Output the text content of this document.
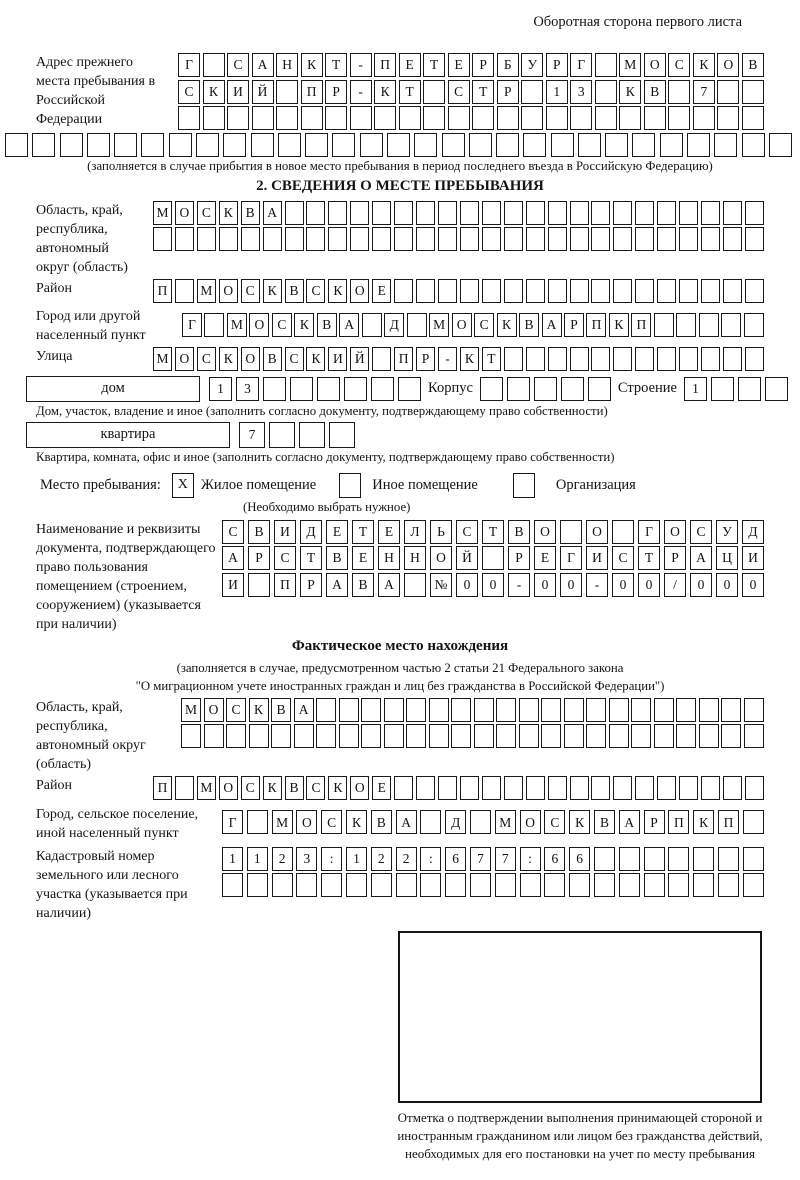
Оборотная сторона первого листа
Адрес прежнего места пребывания в Российской Федерации
Г	С	А	Н	К	Т	-	П	Е	Т	Е	Р	Б	У	Р	Г	М	О	С	К	О	В
С	К	И	Й	П	Р	-	К	Т	С	Т	Р	1	3	К	В	7
(заполняется в случае прибытия в новое место пребывания в период последнего въезда в Российскую Федерацию)
2. СВЕДЕНИЯ О МЕСТЕ ПРЕБЫВАНИЯ
Область, край, республика, автономный округ (область)
М О С К В А
Район	П	М О С К В С К О Е
Город или другой населенный пункт
Г	М О С К В А	Д	М О С К В А	Р	П К П
Улица	М О С К О В С К И Й	П Р	-	К Т
дом	1	3	Корпус	Строение	1
Дом, участок, владение и иное (заполнить согласно документу, подтверждающему право собственности)
квартира	7
Квартира, комната, офис и иное (заполнить согласно документу, подтверждающему право собственности)
Место пребывания:	X Жилое помещение	Иное помещение	Организация
(Необходимо выбрать нужное)
Наименование и реквизиты документа, подтверждающего право пользования помещением (строением, сооружением) (указывается при наличии)
С	В	И	Д	Е	Т	Е	Л	Ь	С	Т	В	О	О	Г	О	С	У	Д
А	Р	С	Т	В	Е	Н	Н	О	Й	Р	Е	Г	И	С	Т	Р	А	Ц	И
И	П	Р	А	В	А	№	0	0	-	0	0	-	0	0	/	0	0	0
Фактическое место нахождения
(заполняется в случае, предусмотренном частью 2 статьи 21 Федерального закона
"О миграционном учете иностранных граждан и лиц без гражданства в Российской Федерации")
Область, край, республика, автономный округ (область)
М О С	К	В А
Район	П	М О С К В С К О Е
Город, сельское поселение, иной населенный пункт
Г	М	О	С	К	В	А	Д	М	О	С	К	В	А	Р	П	К	П
Кадастровый номер земельного или лесного участка (указывается при наличии)
1	1	2	3	:	1	2	2	:	6	7	7	:	6	6
Отметка о подтверждении выполнения принимающей стороной и иностранным гражданином или лицом без гражданства действий, необходимых для его постановки на учет по месту пребывания
